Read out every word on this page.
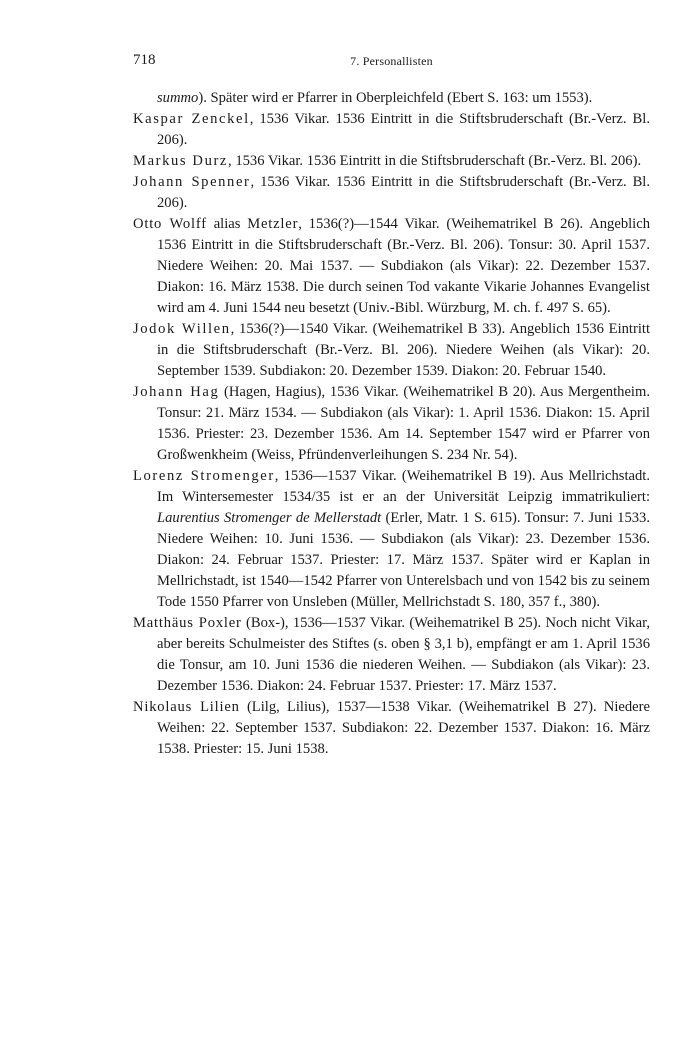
718	7. Personallisten

summo). Später wird er Pfarrer in Oberpleichfeld (Ebert S. 163: um 1553).

Kaspar Zenckel, 1536 Vikar. 1536 Eintritt in die Stiftsbruderschaft (Br.-Verz. Bl. 206).

Markus Durz, 1536 Vikar. 1536 Eintritt in die Stiftsbruderschaft (Br.-Verz. Bl. 206).

Johann Spenner, 1536 Vikar. 1536 Eintritt in die Stiftsbruderschaft (Br.-Verz. Bl. 206).

Otto Wolff alias Metzler, 1536(?)—1544 Vikar. (Weihematrikel B 26). Angeblich 1536 Eintritt in die Stiftsbruderschaft (Br.-Verz. Bl. 206). Tonsur: 30. April 1537. Niedere Weihen: 20. Mai 1537. — Subdiakon (als Vikar): 22. Dezember 1537. Diakon: 16. März 1538. Die durch seinen Tod vakante Vikarie Johannes Evangelist wird am 4. Juni 1544 neu besetzt (Univ.-Bibl. Würzburg, M. ch. f. 497 S. 65).

Jodok Willen, 1536(?)—1540 Vikar. (Weihematrikel B 33). Angeblich 1536 Eintritt in die Stiftsbruderschaft (Br.-Verz. Bl. 206). Niedere Weihen (als Vikar): 20. September 1539. Subdiakon: 20. Dezember 1539. Diakon: 20. Februar 1540.

Johann Hag (Hagen, Hagius), 1536 Vikar. (Weihematrikel B 20). Aus Mergentheim. Tonsur: 21. März 1534. — Subdiakon (als Vikar): 1. April 1536. Diakon: 15. April 1536. Priester: 23. Dezember 1536. Am 14. September 1547 wird er Pfarrer von Großwenkheim (Weiss, Pfründenverleihungen S. 234 Nr. 54).

Lorenz Stromenger, 1536—1537 Vikar. (Weihematrikel B 19). Aus Mellrichstadt. Im Wintersemester 1534/35 ist er an der Universität Leipzig immatrikuliert: Laurentius Stromenger de Mellerstadt (Erler, Matr. 1 S. 615). Tonsur: 7. Juni 1533. Niedere Weihen: 10. Juni 1536. — Subdiakon (als Vikar): 23. Dezember 1536. Diakon: 24. Februar 1537. Priester: 17. März 1537. Später wird er Kaplan in Mellrichstadt, ist 1540—1542 Pfarrer von Unterelsbach und von 1542 bis zu seinem Tode 1550 Pfarrer von Unsleben (Müller, Mellrichstadt S. 180, 357 f., 380).

Matthäus Poxler (Box-), 1536—1537 Vikar. (Weihematrikel B 25). Noch nicht Vikar, aber bereits Schulmeister des Stiftes (s. oben § 3,1 b), empfängt er am 1. April 1536 die Tonsur, am 10. Juni 1536 die niederen Weihen. — Subdiakon (als Vikar): 23. Dezember 1536. Diakon: 24. Februar 1537. Priester: 17. März 1537.

Nikolaus Lilien (Lilg, Lilius), 1537—1538 Vikar. (Weihematrikel B 27). Niedere Weihen: 22. September 1537. Subdiakon: 22. Dezember 1537. Diakon: 16. März 1538. Priester: 15. Juni 1538.
